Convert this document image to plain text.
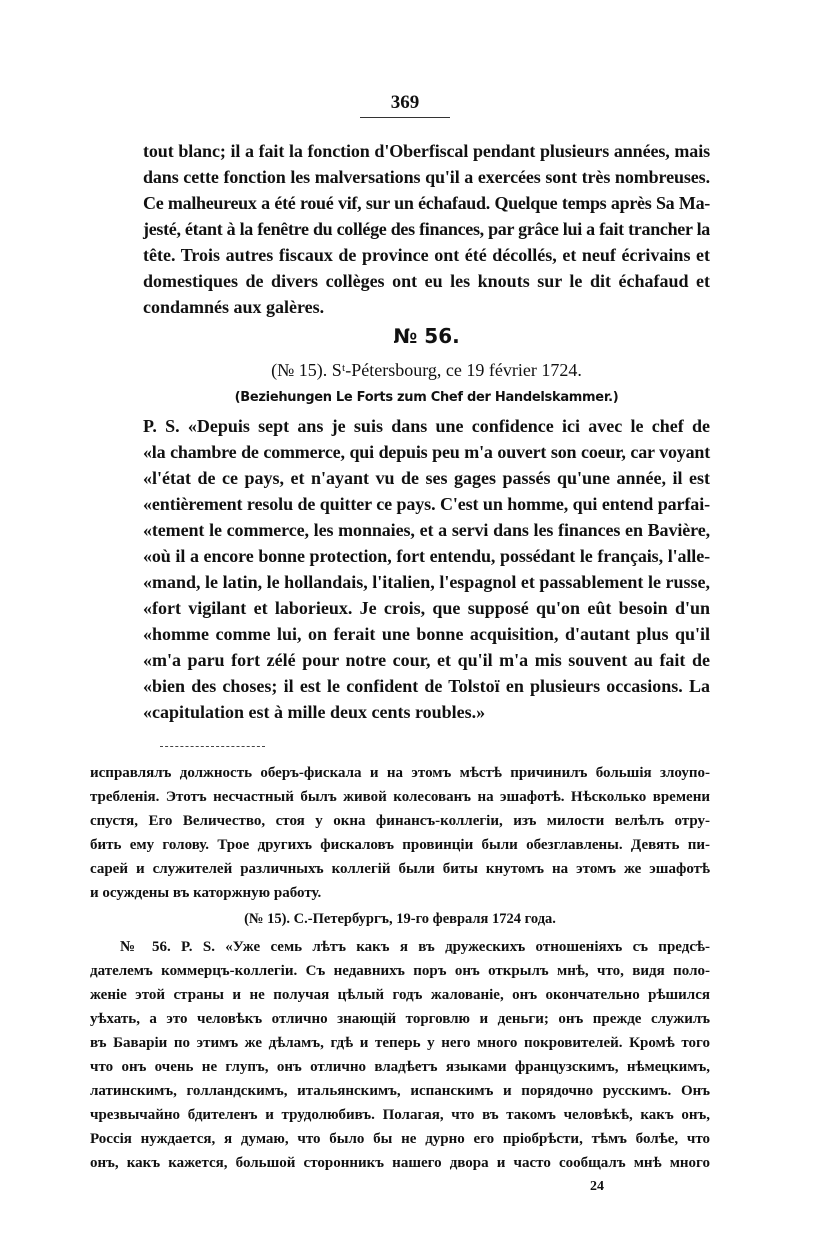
369
№ 56.
(№ 15). Sᵗ-Pétersbourg, ce 19 février 1724.
(Beziehungen Le Forts zum Chef der Handelskammer.)
(№ 15). С.-Петербургъ, 19-го февраля 1724 года.
24
tout blanc; il a fait la fonction d'Oberfiscal pendant plusieurs années, mais
dans cette fonction les malversations qu'il a exercées sont très nombreuses.
Ce malheureux a été roué vif, sur un échafaud. Quelque temps après Sa Ma-
jesté, étant à la fenêtre du collége des finances, par grâce lui a fait trancher la
tête. Trois autres fiscaux de province ont été décollés, et neuf écrivains et
domestiques de divers collèges ont eu les knouts sur le dit échafaud et
condamnés aux galères.
P. S. «Depuis sept ans je suis dans une confidence ici avec le chef de
«la chambre de commerce, qui depuis peu m'a ouvert son coeur, car voyant
«l'état de ce pays, et n'ayant vu de ses gages passés qu'une année, il est
«entièrement resolu de quitter ce pays. C'est un homme, qui entend parfai-
«tement le commerce, les monnaies, et a servi dans les finances en Bavière,
«où il a encore bonne protection, fort entendu, possédant le français, l'alle-
«mand, le latin, le hollandais, l'italien, l'espagnol et passablement le russe,
«fort vigilant et laborieux. Je crois, que supposé qu'on eût besoin d'un
«homme comme lui, on ferait une bonne acquisition, d'autant plus qu'il
«m'a paru fort zélé pour notre cour, et qu'il m'a mis souvent au fait de
«bien des choses; il est le confident de Tolstoï en plusieurs occasions. La
«capitulation est à mille deux cents roubles.»
исправлялъ должность оберъ-фискала и на этомъ мѣстѣ причинилъ большія злоупо-
требленія. Этотъ несчастный былъ живой колесованъ на эшафотѣ. Нѣсколько времени
спустя, Его Величество, стоя у окна финансъ-коллегіи, изъ милости велѣлъ отру-
бить ему голову. Трое другихъ фискаловъ провинціи были обезглавлены. Девять пи-
сарей и служителей различныхъ коллегій были биты кнутомъ на этомъ же эшафотѣ
и осуждены въ каторжную работу.
№ 56. P. S. «Уже семь лѣтъ какъ я въ дружескихъ отношеніяхъ съ предсѣ-
дателемъ коммерцъ-коллегіи. Съ недавнихъ поръ онъ открылъ мнѣ, что, видя поло-
женіе этой страны и не получая цѣлый годъ жалованіе, онъ окончательно рѣшился
уѣхать, а это человѣкъ отлично знающій торговлю и деньги; онъ прежде служилъ
въ Баваріи по этимъ же дѣламъ, гдѣ и теперь у него много покровителей. Кромѣ того
что онъ очень не глупъ, онъ отлично владѣетъ языками французскимъ, нѣмецкимъ,
латинскимъ, голландскимъ, итальянскимъ, испанскимъ и порядочно русскимъ. Онъ
чрезвычайно бдителенъ и трудолюбивъ. Полагая, что въ такомъ человѣкѣ, какъ онъ,
Россія нуждается, я думаю, что было бы не дурно его пріобрѣсти, тѣмъ болѣе, что
онъ, какъ кажется, большой сторонникъ нашего двора и часто сообщалъ мнѣ много
